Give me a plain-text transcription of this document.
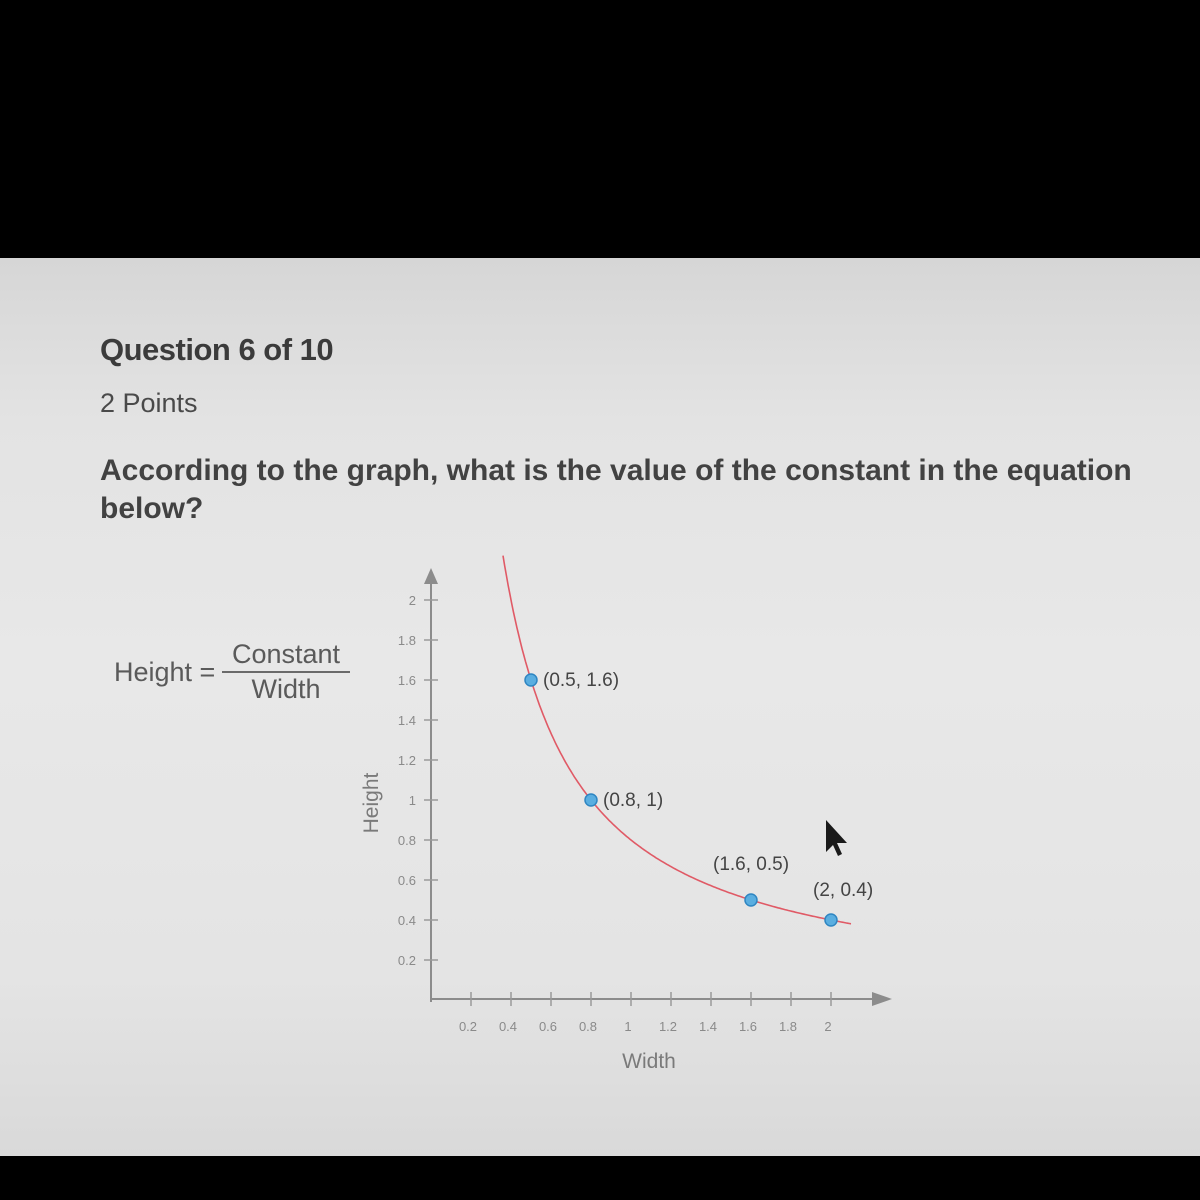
Question 6 of 10
2 Points
According to the graph, what is the value of the constant in the equation below?
Height =
Constant
Width
0.2
0.4
0.6
0.8
1
1.2
1.4
1.6
1.8
2
0.2 0.4 0.6 0.8 1 1.2 1.4 1.6 1.8 2
(0.5, 1.6)
(0.8, 1)
(1.6, 0.5)
(2, 0.4)
Height
Width
